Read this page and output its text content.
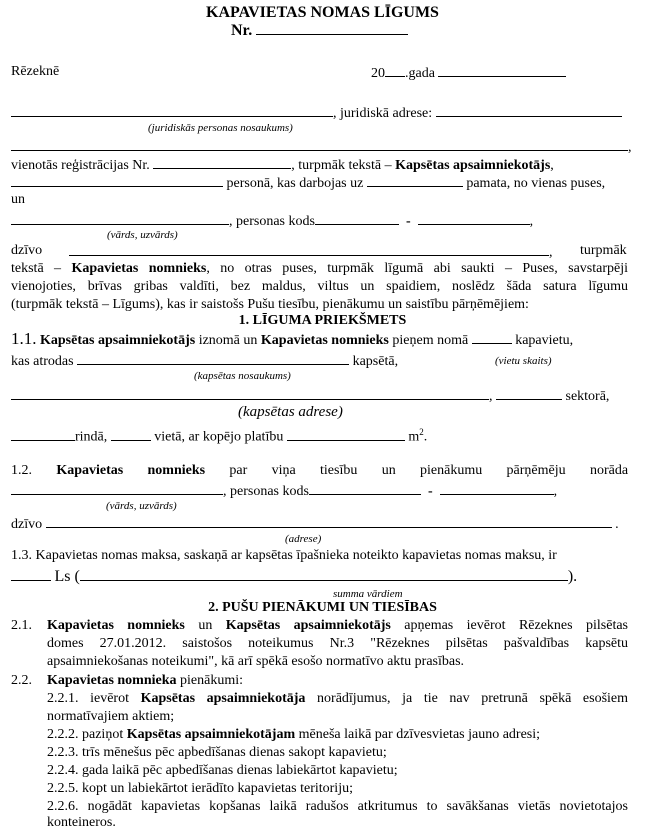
KAPAVIETAS NOMAS LĪGUMS
Nr.
Rēzeknē	20 .gada
, juridiskā adrese:
(juridiskās personas nosaukums)
,
vienotās reģistrācijas Nr.	, turpmāk tekstā – Kapsētas apsaimniekotājs,
personā, kas darbojas uz	pamata, no vienas puses,
un
, personas kods	-	,
(vārds, uzvārds)
dzīvo	, turpmāk
tekstā – Kapavietas nomnieks, no otras puses, turpmāk līgumā abi saukti – Puses, savstarpēji
vienojoties, brīvas gribas valdīti, bez maldus, viltus un spaidiem, noslēdz šāda satura līgumu
(turpmāk tekstā – Līgums), kas ir saistošs Pušu tiesību, pienākumu un saistību pārņēmējiem:
1. LĪGUMA PRIEKŠMETS
1.1. Kapsētas apsaimniekotājs iznomā un Kapavietas nomnieks pieņem nomā	kapavietu,
kas atrodas	kapsētā,	(vietu skaits)
(kapsētas nosaukums)
,	sektorā,
(kapsētas adrese)
rindā,	vietā, ar kopējo platību	$m^2$.
1.2. Kapavietas nomnieks par viņa tiesību un pienākumu pārņēmēju norāda
, personas kods	-	,
(vārds, uzvārds)
dzīvo	.
(adrese)
1.3. Kapavietas nomas maksa, saskaņā ar kapsētas īpašnieka noteikto kapavietas nomas maksu, ir
Ls (	).
summa vārdiem
2. PUŠU PIENĀKUMI UN TIESĪBAS
2.1. Kapavietas nomnieks un Kapsētas apsaimniekotājs apņemas ievērot Rēzeknes pilsētas
domes 27.01.2012. saistošos noteikumus Nr.3 "Rēzeknes pilsētas pašvaldības kapsētu
apsaimniekošanas noteikumi", kā arī spēkā esošo normatīvo aktu prasības.
2.2. Kapavietas nomnieka pienākumi:
2.2.1. ievērot Kapsētas apsaimniekotāja norādījumus, ja tie nav pretrunā spēkā esošiem
normatīvajiem aktiem;
2.2.2. paziņot Kapsētas apsaimniekotājam mēneša laikā par dzīvesvietas jauno adresi;
2.2.3. trīs mēnešus pēc apbedīšanas dienas sakopt kapavietu;
2.2.4. gada laikā pēc apbedīšanas dienas labiekārtot kapavietu;
2.2.5. kopt un labiekārtot ierādīto kapavietas teritoriju;
2.2.6. nogādāt kapavietas kopšanas laikā radušos atkritumus to savākšanas vietās novietotajos
konteineros.
